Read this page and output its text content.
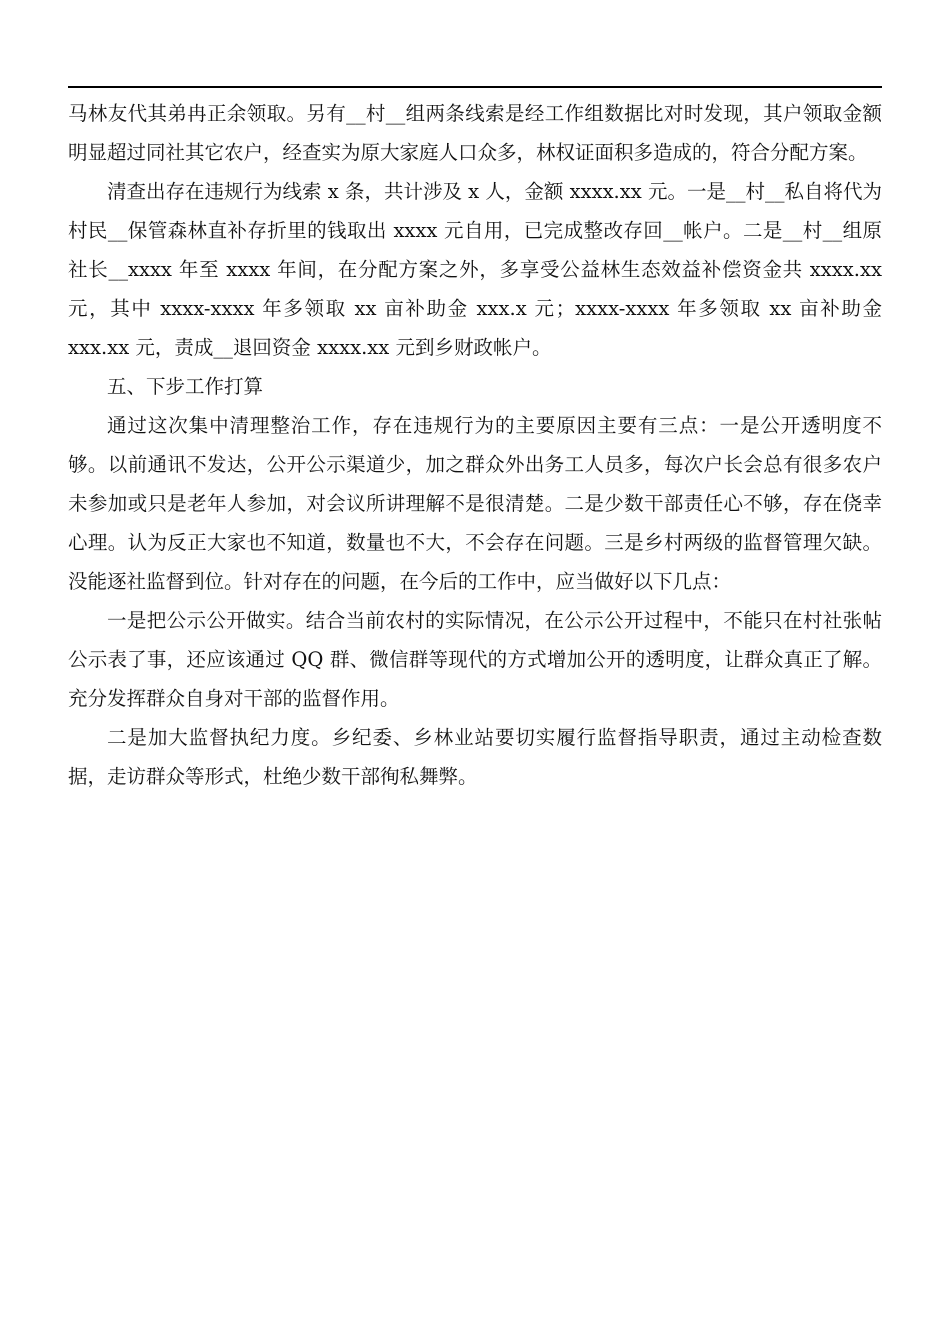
马林友代其弟冉正余领取。另有__村__组两条线索是经工作组数据比对时发现，其户领取金额明显超过同社其它农户，经查实为原大家庭人口众多，林权证面积多造成的，符合分配方案。

清查出存在违规行为线索 x 条，共计涉及 x 人，金额 xxxx.xx 元。一是__村__私自将代为村民__保管森林直补存折里的钱取出 xxxx 元自用，已完成整改存回__帐户。二是__村__组原社长__xxxx 年至 xxxx 年间，在分配方案之外，多享受公益林生态效益补偿资金共 xxxx.xx 元，其中 xxxx-xxxx 年多领取 xx 亩补助金 xxx.x 元；xxxx-xxxx 年多领取 xx 亩补助金 xxx.xx 元，责成__退回资金 xxxx.xx 元到乡财政帐户。

五、下步工作打算

通过这次集中清理整治工作，存在违规行为的主要原因主要有三点：一是公开透明度不够。以前通讯不发达，公开公示渠道少，加之群众外出务工人员多，每次户长会总有很多农户未参加或只是老年人参加，对会议所讲理解不是很清楚。二是少数干部责任心不够，存在侥幸心理。认为反正大家也不知道，数量也不大，不会存在问题。三是乡村两级的监督管理欠缺。没能逐社监督到位。针对存在的问题，在今后的工作中，应当做好以下几点：

一是把公示公开做实。结合当前农村的实际情况，在公示公开过程中，不能只在村社张帖公示表了事，还应该通过 QQ 群、微信群等现代的方式增加公开的透明度，让群众真正了解。充分发挥群众自身对干部的监督作用。

二是加大监督执纪力度。乡纪委、乡林业站要切实履行监督指导职责，通过主动检查数据，走访群众等形式，杜绝少数干部徇私舞弊。
